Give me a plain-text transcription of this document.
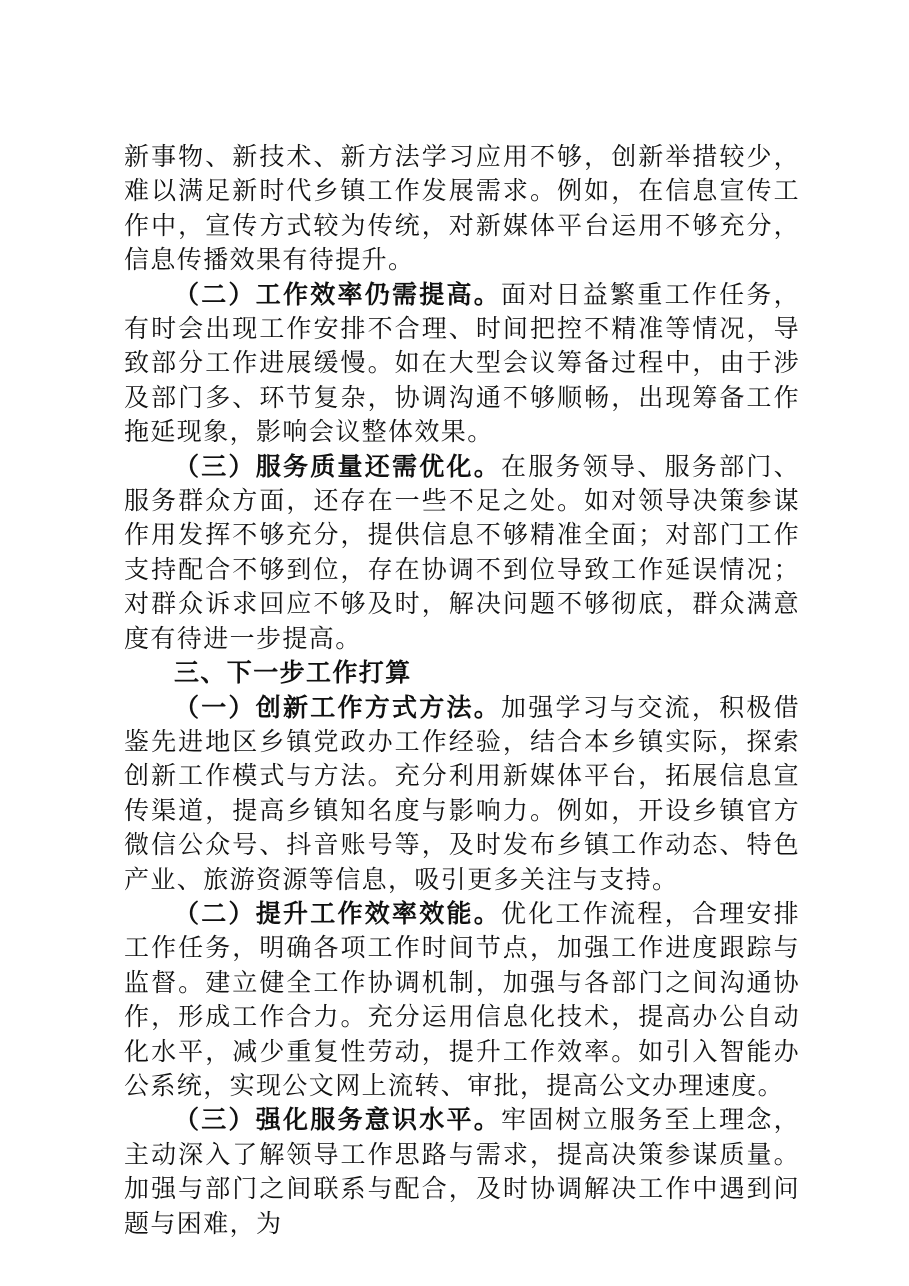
新事物、新技术、新方法学习应用不够，创新举措较少，难以满足新时代乡镇工作发展需求。例如，在信息宣传工作中，宣传方式较为传统，对新媒体平台运用不够充分，信息传播效果有待提升。

（二）工作效率仍需提高。面对日益繁重工作任务，有时会出现工作安排不合理、时间把控不精准等情况，导致部分工作进展缓慢。如在大型会议筹备过程中，由于涉及部门多、环节复杂，协调沟通不够顺畅，出现筹备工作拖延现象，影响会议整体效果。

（三）服务质量还需优化。在服务领导、服务部门、服务群众方面，还存在一些不足之处。如对领导决策参谋作用发挥不够充分，提供信息不够精准全面；对部门工作支持配合不够到位，存在协调不到位导致工作延误情况；对群众诉求回应不够及时，解决问题不够彻底，群众满意度有待进一步提高。

三、下一步工作打算

（一）创新工作方式方法。加强学习与交流，积极借鉴先进地区乡镇党政办工作经验，结合本乡镇实际，探索创新工作模式与方法。充分利用新媒体平台，拓展信息宣传渠道，提高乡镇知名度与影响力。例如，开设乡镇官方微信公众号、抖音账号等，及时发布乡镇工作动态、特色产业、旅游资源等信息，吸引更多关注与支持。

（二）提升工作效率效能。优化工作流程，合理安排工作任务，明确各项工作时间节点，加强工作进度跟踪与监督。建立健全工作协调机制，加强与各部门之间沟通协作，形成工作合力。充分运用信息化技术，提高办公自动化水平，减少重复性劳动，提升工作效率。如引入智能办公系统，实现公文网上流转、审批，提高公文办理速度。

（三）强化服务意识水平。牢固树立服务至上理念，主动深入了解领导工作思路与需求，提高决策参谋质量。加强与部门之间联系与配合，及时协调解决工作中遇到问题与困难，为
